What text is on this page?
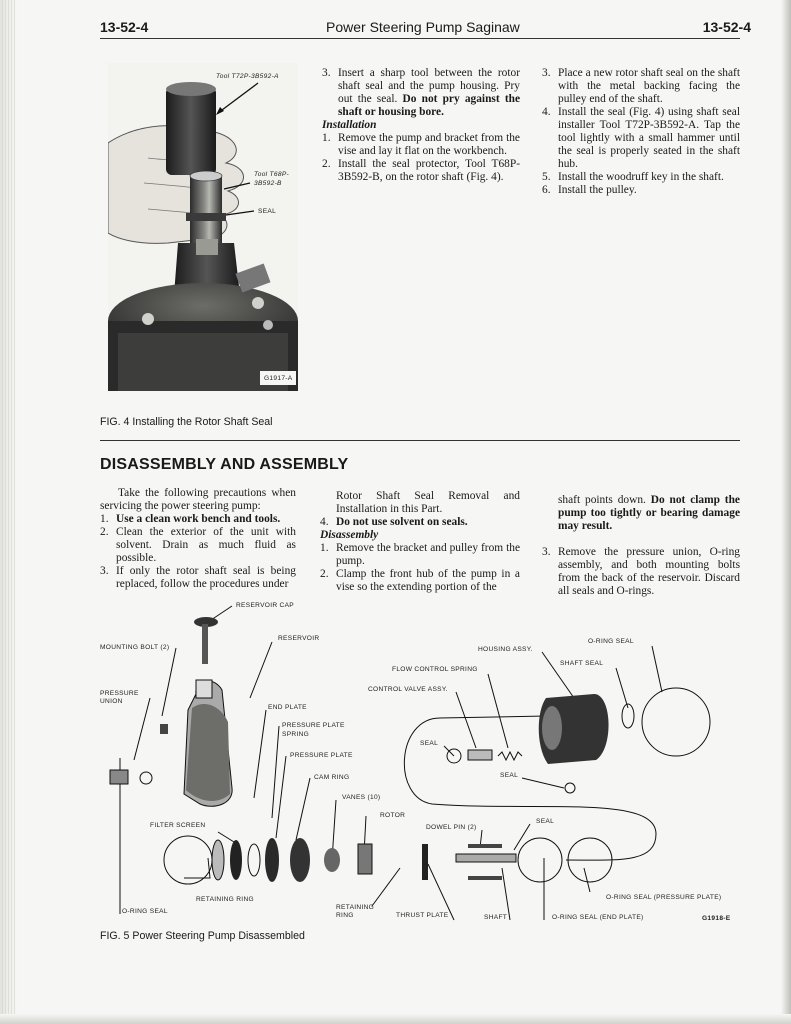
13-52-4	Power Steering Pump Saginaw	13-52-4
Tool T72P-3B592-A
Tool T68P-
3B592-B
SEAL
G1917-A
FIG. 4 Installing the Rotor Shaft Seal
3. Insert a sharp tool between the rotor shaft seal and the pump housing. Pry out the seal. Do not pry against the shaft or housing bore.

Installation

1. Remove the pump and bracket from the vise and lay it flat on the workbench.
2. Install the seal protector, Tool T68P-3B592-B, on the rotor shaft (Fig. 4).
3. Place a new rotor shaft seal on the shaft with the metal backing facing the pulley end of the shaft.
4. Install the seal (Fig. 4) using shaft seal installer Tool T72P-3B592-A. Tap the tool lightly with a small hammer until the seal is properly seated in the shaft hub.
5. Install the woodruff key in the shaft.
6. Install the pulley.
DISASSEMBLY AND ASSEMBLY

Take the following precautions when servicing the power steering pump:

1. Use a clean work bench and tools.
2. Clean the exterior of the unit with solvent. Drain as much fluid as possible.
3. If only the rotor shaft seal is being replaced, follow the procedures under

Rotor Shaft Seal Removal and Installation in this Part.

4. Do not use solvent on seals.

Disassembly

1. Remove the bracket and pulley from the pump.
2. Clamp the front hub of the pump in a vise so the extending portion of the

shaft points down. Do not clamp the pump too tightly or bearing damage may result.

3. Remove the pressure union, O-ring assembly, and both mounting bolts from the back of the reservoir. Discard all seals and O-rings.
RESERVOIR CAP
RESERVOIR
MOUNTING BOLT (2)
PRESSURE
UNION
END PLATE
PRESSURE PLATE
SPRING
PRESSURE PLATE
CAM RING
VANES (10)
ROTOR
FILTER SCREEN
RETAINING RING
O-RING SEAL
RETAINING
RING	THRUST PLATE	SHAFT
DOWEL PIN (2)
SEAL
HOUSING ASSY.
FLOW CONTROL SPRING
CONTROL VALVE ASSY.
SEAL
SEAL
O-RING SEAL
SHAFT SEAL
O-RING SEAL (PRESSURE PLATE)
O-RING SEAL (END PLATE)	G1918-E
FIG. 5 Power Steering Pump Disassembled
